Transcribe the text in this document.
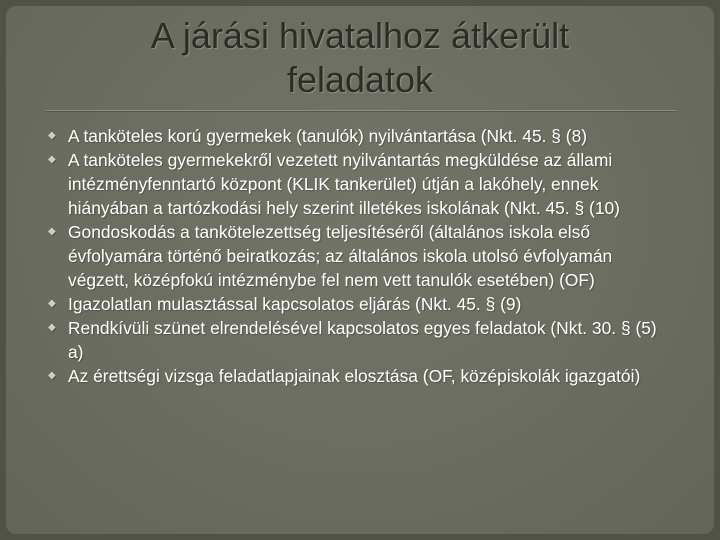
A járási hivatalhoz átkerült
feladatok
◆ A tanköteles korú gyermekek (tanulók) nyilvántartása (Nkt. 45. § (8)
◆ A tanköteles gyermekekről vezetett nyilvántartás megküldése az állami intézményfenntartó központ (KLIK tankerület) útján a lakóhely, ennek hiányában a tartózkodási hely szerint illetékes iskolának (Nkt. 45. § (10)
◆ Gondoskodás a tankötelezettség teljesítéséről (általános iskola első évfolyamára történő beiratkozás; az általános iskola utolsó évfolyamán végzett, középfokú intézménybe fel nem vett tanulók esetében) (OF)
◆ Igazolatlan mulasztással kapcsolatos eljárás (Nkt. 45. § (9)
◆ Rendkívüli szünet elrendelésével kapcsolatos egyes feladatok (Nkt. 30. § (5) a)
◆ Az érettségi vizsga feladatlapjainak elosztása (OF, középiskolák igazgatói)
